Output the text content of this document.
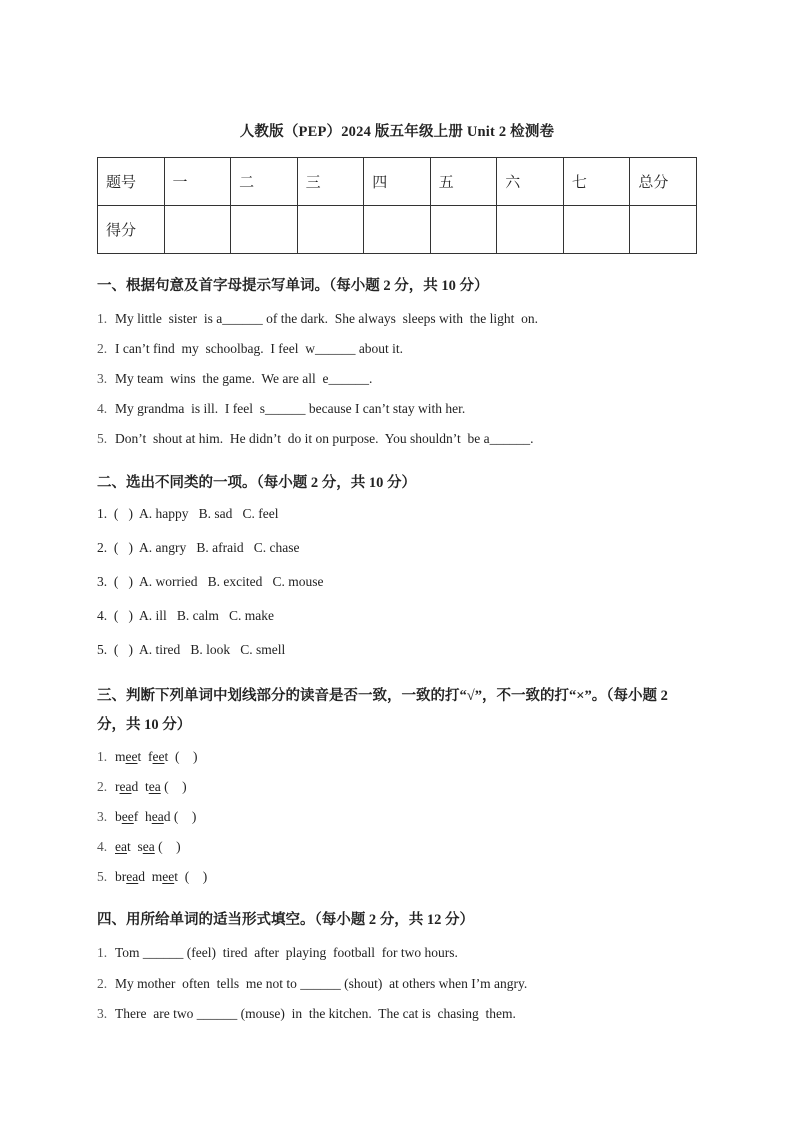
人教版（PEP）2024 版五年级上册 Unit 2 检测卷
题号	一	二	三	四	五	六	七	总分
得分								
一、根据句意及首字母提示写单词。（每小题 2 分，共 10 分）
1. My little  sister  is a______ of the dark.  She always  sleeps with  the light  on.
2. I can’t find  my  schoolbag.  I feel  w______ about it.
3. My team  wins  the game.  We are all  e______.
4. My grandma  is ill.  I feel  s______ because I can’t stay with her.
5. Don’t  shout at him.  He didn’t  do it on purpose.  You shouldn’t  be a______.
二、选出不同类的一项。（每小题 2 分，共 10 分）
1.  (   )  A. happy   B. sad   C. feel
2.  (   )  A. angry   B. afraid   C. chase
3.  (   )  A. worried   B. excited   C. mouse
4.  (   )  A. ill   B. calm   C. make
5.  (   )  A. tired   B. look   C. smell
三、判断下列单词中划线部分的读音是否一致，一致的打“√”，不一致的打“×”。（每小题 2 分，共 10 分）
1. meet feet  (    )
2. read tea (    )
3. beef head (    )
4. eat sea (    )
5. bread meet  (    )
四、用所给单词的适当形式填空。（每小题 2 分，共 12 分）
1. Tom ______ (feel)  tired  after  playing  football  for two hours.
2. My mother  often  tells  me not to ______ (shout)  at others when I’m angry.
3. There  are two ______ (mouse)  in  the kitchen.  The cat is  chasing  them.
